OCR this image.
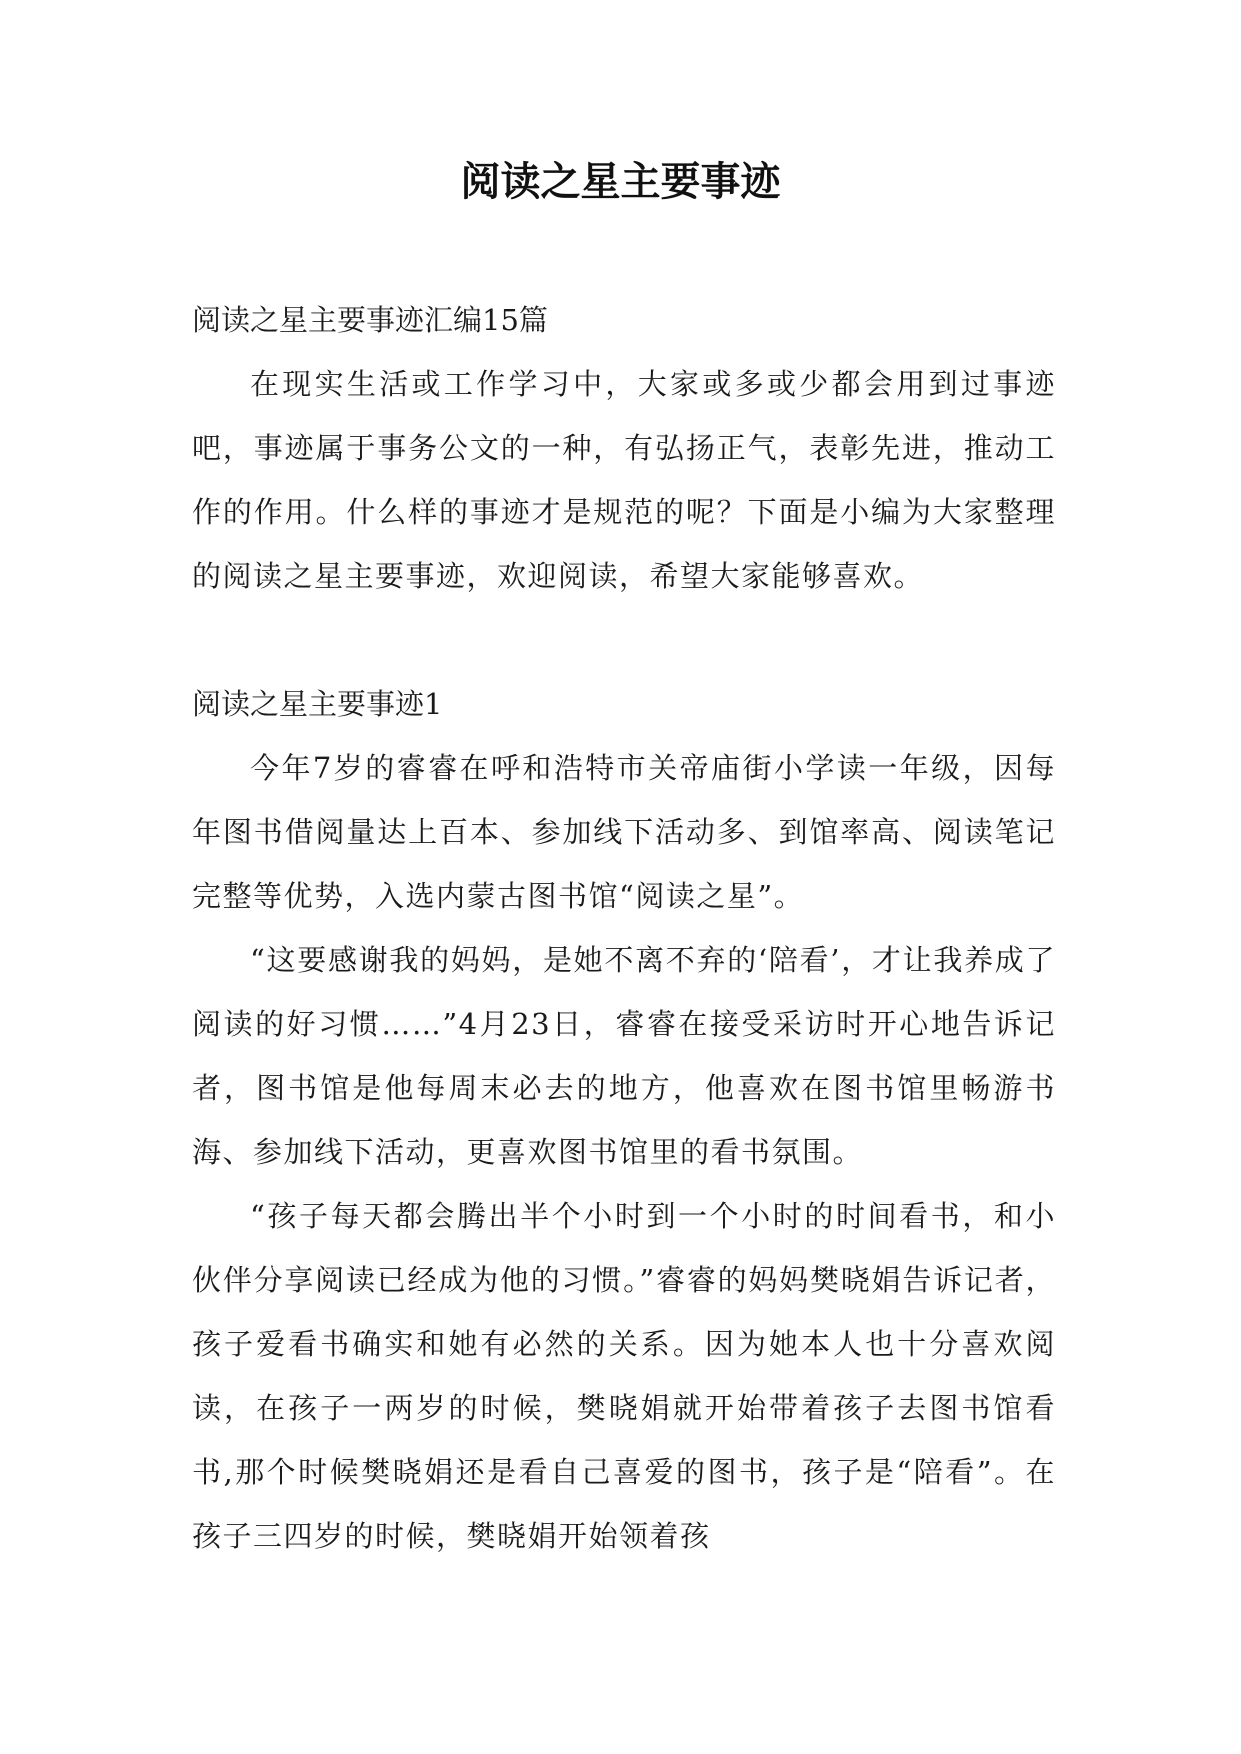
阅读之星主要事迹

阅读之星主要事迹汇编15篇

在现实生活或工作学习中，大家或多或少都会用到过事迹吧，事迹属于事务公文的一种，有弘扬正气，表彰先进，推动工作的作用。什么样的事迹才是规范的呢？下面是小编为大家整理的阅读之星主要事迹，欢迎阅读，希望大家能够喜欢。

阅读之星主要事迹1

今年7岁的睿睿在呼和浩特市关帝庙街小学读一年级，因每年图书借阅量达上百本、参加线下活动多、到馆率高、阅读笔记完整等优势，入选内蒙古图书馆“阅读之星”。

“这要感谢我的妈妈，是她不离不弃的‘陪看’，才让我养成了阅读的好习惯……”4月23日，睿睿在接受采访时开心地告诉记者，图书馆是他每周末必去的地方，他喜欢在图书馆里畅游书海、参加线下活动，更喜欢图书馆里的看书氛围。

“孩子每天都会腾出半个小时到一个小时的时间看书，和小伙伴分享阅读已经成为他的习惯。”睿睿的妈妈樊晓娟告诉记者，孩子爱看书确实和她有必然的关系。因为她本人也十分喜欢阅读，在孩子一两岁的时候，樊晓娟就开始带着孩子去图书馆看书,那个时候樊晓娟还是看自己喜爱的图书，孩子是“陪看”。在孩子三四岁的时候，樊晓娟开始领着孩
